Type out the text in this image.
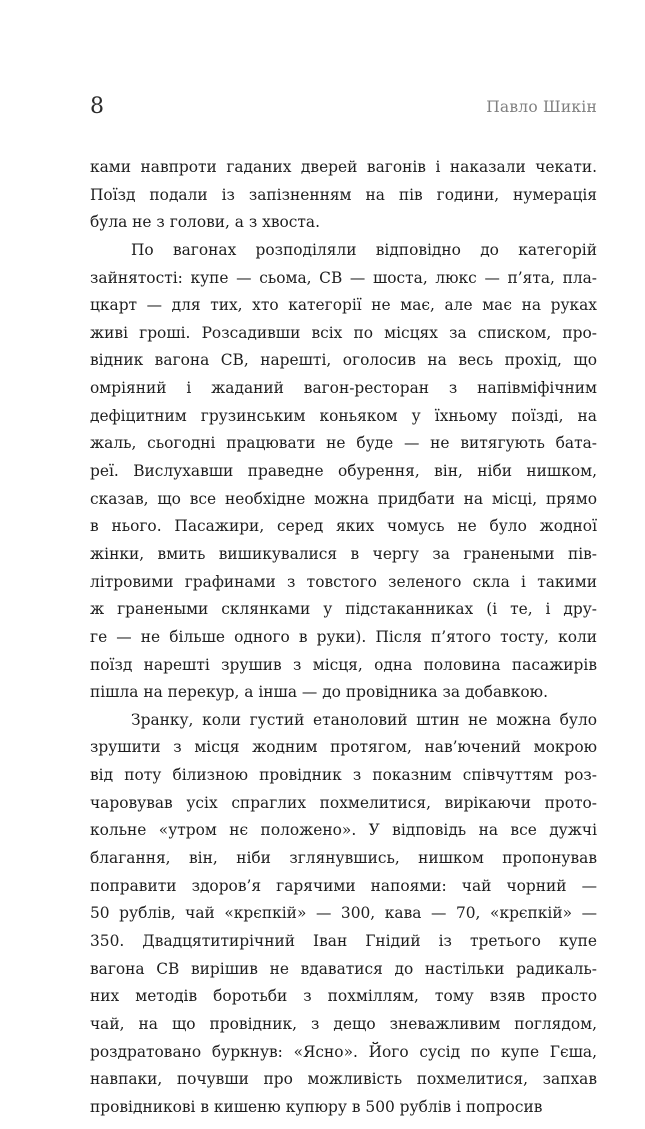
8	Павло Шикін
ками навпроти гаданих дверей вагонів і наказали чекати.
Поїзд подали із запізненням на пів години, нумерація
була не з голови, а з хвоста.
По вагонах розподіляли відповідно до категорій
зайнятості: купе — сьома, СВ — шоста, люкс — п’ята, пла-
цкарт — для тих, хто категорії не має, але має на руках
живі гроші. Розсадивши всіх по місцях за списком, про-
відник вагона СВ, нарешті, оголосив на весь прохід, що
омріяний і жаданий вагон-ресторан з напівміфічним
дефіцитним грузинським коньяком у їхньому поїзді, на
жаль, сьогодні працювати не буде — не витягують бата-
реї. Вислухавши праведне обурення, він, ніби нишком,
сказав, що все необхідне можна придбати на місці, прямо
в нього. Пасажири, серед яких чомусь не було жодної
жінки, вмить вишикувалися в чергу за гранеными пів-
літровими графинами з товстого зеленого скла і такими
ж гранеными склянками у підстаканниках (і те, і дру-
ге — не більше одного в руки). Після п’ятого тосту, коли
поїзд нарешті зрушив з місця, одна половина пасажирів
пішла на перекур, а інша — до провідника за добавкою.
Зранку, коли густий етаноловий штин не можна було
зрушити з місця жодним протягом, нав’ючений мокрою
від поту білизною провідник з показним співчуттям роз-
чаровував усіх спраглих похмелитися, вирікаючи прото-
кольне «утром нє положено». У відповідь на все дужчі
благання, він, ніби зглянувшись, нишком пропонував
поправити здоров’я гарячими напоями: чай чорний —
50 рублів, чай «крєпкій» — 300, кава — 70, «крєпкій» —
350. Двадцятитирічний Іван Гнідий із третього купе
вагона СВ вирішив не вдаватися до настільки радикаль-
них методів боротьби з похміллям, тому взяв просто
чай, на що провідник, з дещо зневажливим поглядом,
роздратовано буркнув: «Ясно». Його сусід по купе Гєша,
навпаки, почувши про можливість похмелитися, запхав
провідникові в кишеню купюру в 500 рублів і попросив
